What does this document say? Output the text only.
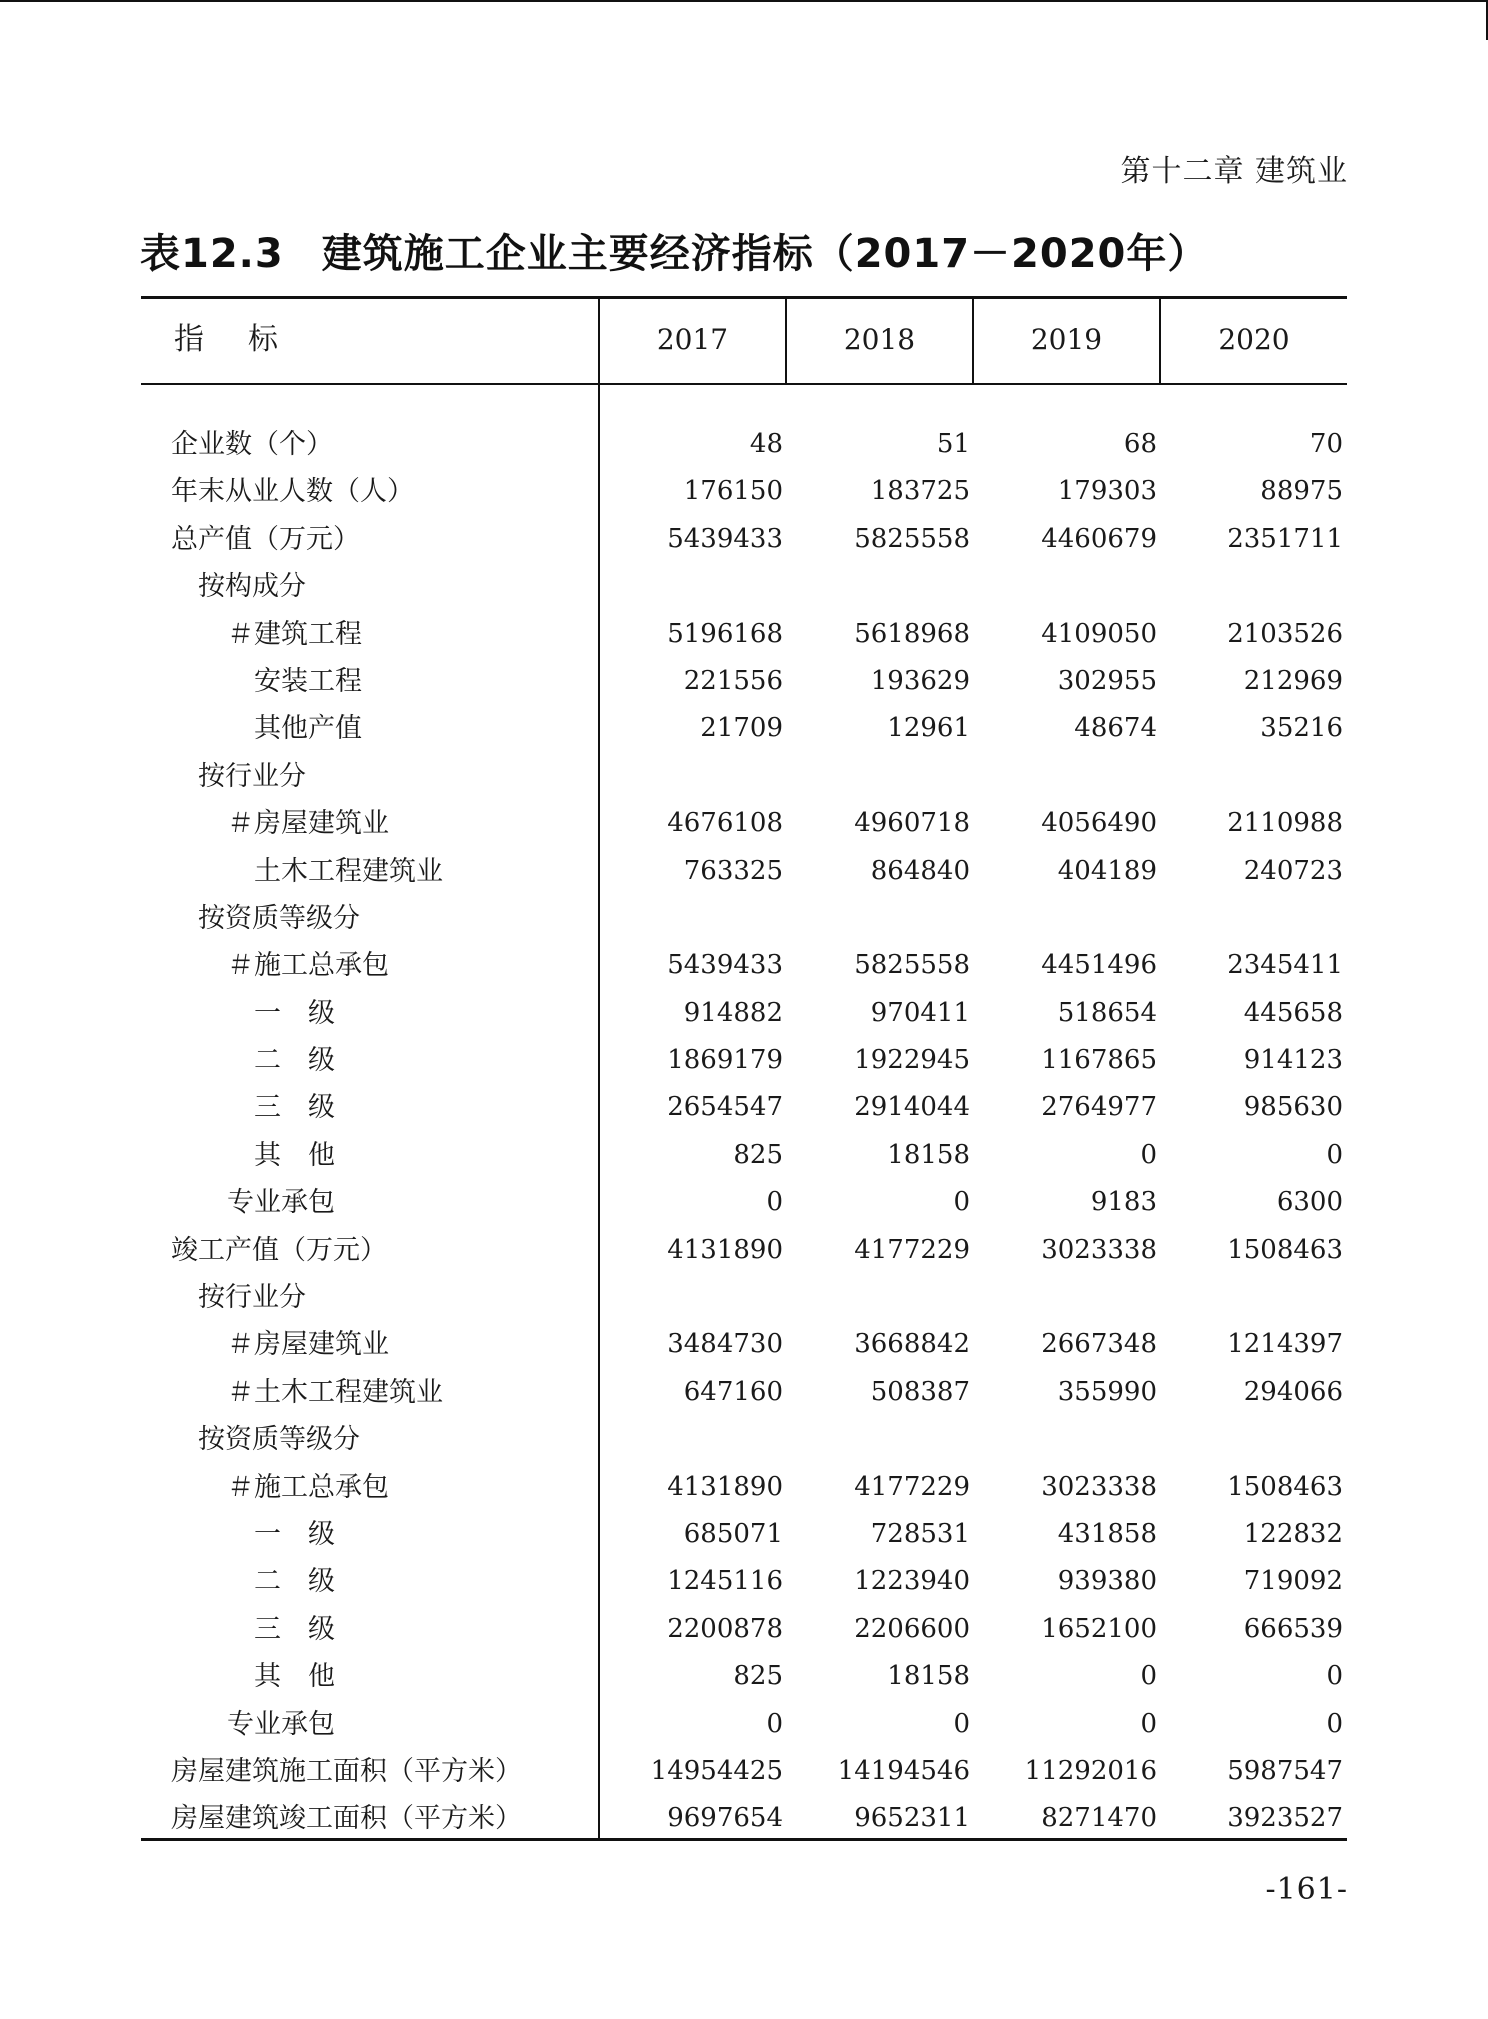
第十二章 建筑业
表12.3 建筑施工企业主要经济指标（2017－2020年）
指 标	2017	2018	2019	2020
企业数（个）	48	51	68	70
年末从业人数（人）	176150	183725	179303	88975
总产值（万元）	5439433	5825558	4460679	2351711
按构成分
＃建筑工程	5196168	5618968	4109050	2103526
安装工程	221556	193629	302955	212969
其他产值	21709	12961	48674	35216
按行业分
＃房屋建筑业	4676108	4960718	4056490	2110988
土木工程建筑业	763325	864840	404189	240723
按资质等级分
＃施工总承包	5439433	5825558	4451496	2345411
一　级	914882	970411	518654	445658
二　级	1869179	1922945	1167865	914123
三　级	2654547	2914044	2764977	985630
其　他	825	18158	0	0
专业承包	0	0	9183	6300
竣工产值（万元）	4131890	4177229	3023338	1508463
按行业分
＃房屋建筑业	3484730	3668842	2667348	1214397
＃土木工程建筑业	647160	508387	355990	294066
按资质等级分
＃施工总承包	4131890	4177229	3023338	1508463
一　级	685071	728531	431858	122832
二　级	1245116	1223940	939380	719092
三　级	2200878	2206600	1652100	666539
其　他	825	18158	0	0
专业承包	0	0	0	0
房屋建筑施工面积（平方米）	14954425	14194546	11292016	5987547
房屋建筑竣工面积（平方米）	9697654	9652311	8271470	3923527
-161-
